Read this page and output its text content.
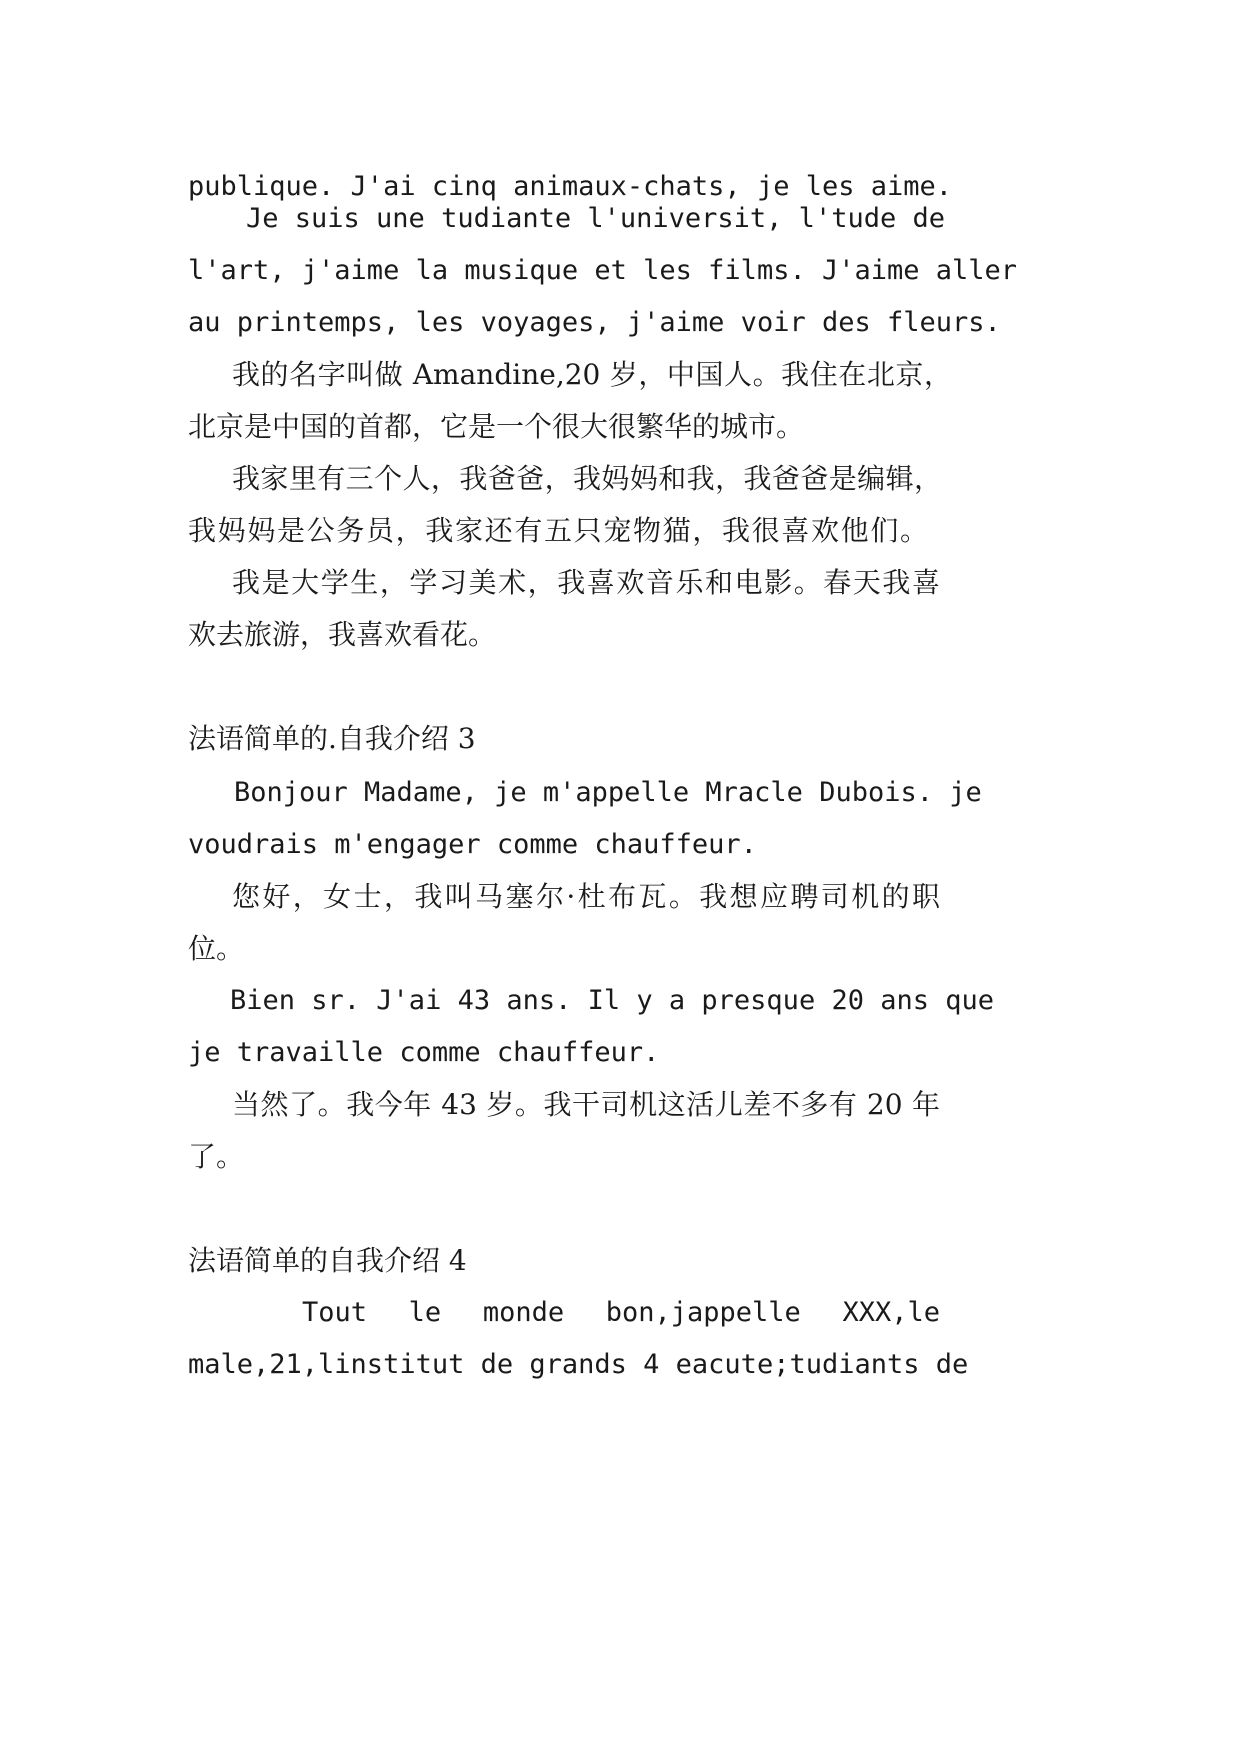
publique. J'ai cinq animaux-chats, je les aime.
Je suis une tudiante l'universit, l'tude de
l'art, j'aime la musique et les films. J'aime aller
au printemps, les voyages, j'aime voir des fleurs.
我的名字叫做 Amandine,20 岁，中国人。我住在北京，
北京是中国的首都，它是一个很大很繁华的城市。
我家里有三个人，我爸爸，我妈妈和我，我爸爸是编辑，
我妈妈是公务员，我家还有五只宠物猫，我很喜欢他们。
我是大学生，学习美术，我喜欢音乐和电影。春天我喜
欢去旅游，我喜欢看花。
法语简单的.自我介绍 3
Bonjour Madame, je m'appelle Mracle Dubois. je
voudrais m'engager comme chauffeur.
您好，女士，我叫马塞尔·杜布瓦。我想应聘司机的职
位。
Bien sr. J'ai 43 ans. Il y a presque 20 ans que
je travaille comme chauffeur.
当然了。我今年 43 岁。我干司机这活儿差不多有 20 年
了。
法语简单的自我介绍 4
Tout le monde bon,jappelle XXX,le
male,21,linstitut de grands 4 eacute;tudiants de
